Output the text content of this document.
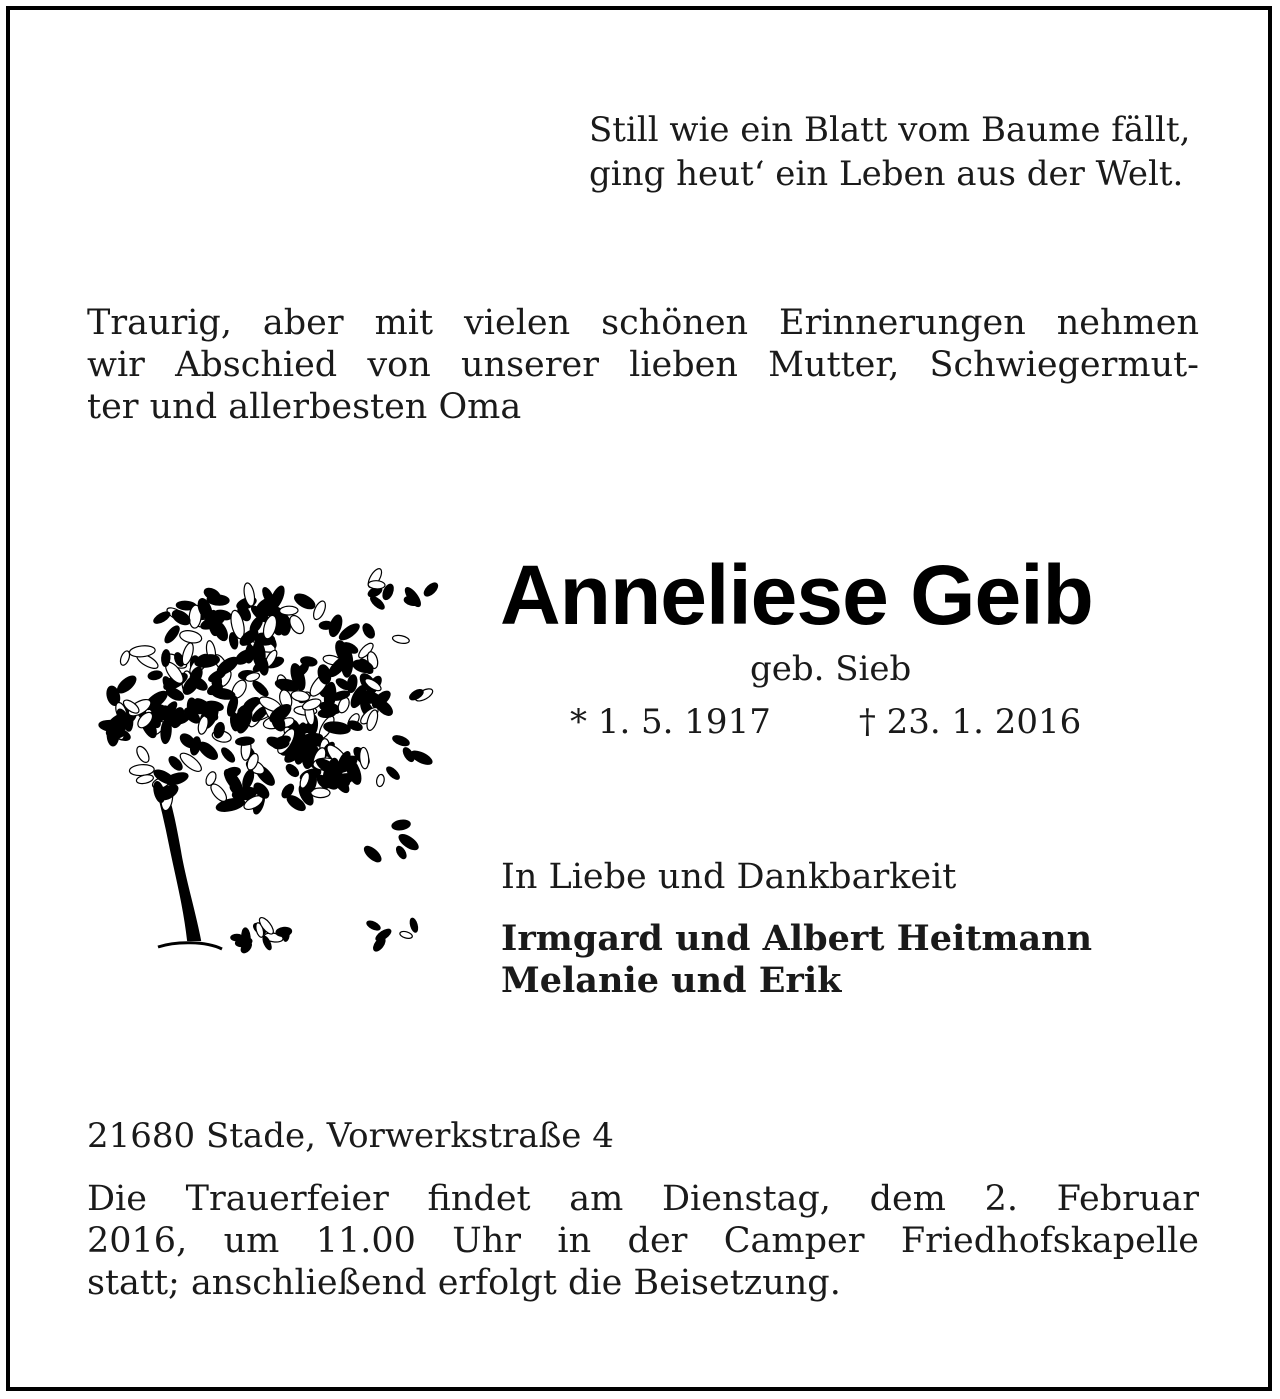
Still wie ein Blatt vom Baume fällt,
ging heut‘ ein Leben aus der Welt.

Traurig, aber mit vielen schönen Erinnerungen nehmen
wir Abschied von unserer lieben Mutter, Schwiegermut-
ter und allerbesten Oma

Anneliese Geib

geb. Sieb

* 1. 5. 1917	† 23. 1. 2016

In Liebe und Dankbarkeit

Irmgard und Albert Heitmann
Melanie und Erik

21680 Stade, Vorwerkstraße 4

Die Trauerfeier findet am Dienstag, dem 2. Februar
2016, um 11.00 Uhr in der Camper Friedhofskapelle
statt; anschließend erfolgt die Beisetzung.
